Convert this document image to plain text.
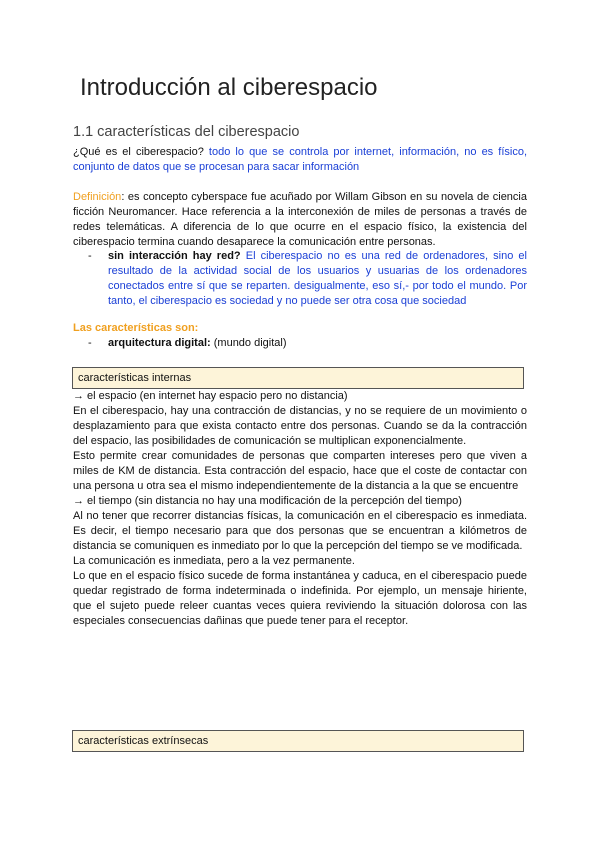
Introducción al ciberespacio
1.1 características del ciberespacio
¿Qué es el ciberespacio? todo lo que se controla por internet, información, no es físico, conjunto de datos que se procesan para sacar información
Definición: es concepto cyberspace fue acuñado por Willam Gibson en su novela de ciencia ficción Neuromancer. Hace referencia a la interconexión de miles de personas a través de redes telemáticas. A diferencia de lo que ocurre en el espacio físico, la existencia del ciberespacio termina cuando desaparece la comunicación entre personas.
-	sin interacción hay red? El ciberespacio no es una red de ordenadores, sino el resultado de la actividad social de los usuarios y usuarias de los ordenadores conectados entre sí que se reparten. desigualmente, eso sí,- por todo el mundo. Por tanto, el ciberespacio es sociedad y no puede ser otra cosa que sociedad
Las características son:
-	arquitectura digital: (mundo digital)
características internas

→ el espacio (en internet hay espacio pero no distancia)

En el ciberespacio, hay una contracción de distancias, y no se requiere de un movimiento o desplazamiento para que exista contacto entre dos personas. Cuando se da la contracción del espacio, las posibilidades de comunicación se multiplican exponencialmente.

Esto permite crear comunidades de personas que comparten intereses pero que viven a miles de KM de distancia. Esta contracción del espacio, hace que el coste de contactar con una persona u otra sea el mismo independientemente de la distancia a la que se encuentre

→ el tiempo (sin distancia no hay una modificación de la percepción del tiempo)

Al no tener que recorrer distancias físicas, la comunicación en el ciberespacio es inmediata. Es decir, el tiempo necesario para que dos personas que se encuentran a kilómetros de distancia se comuniquen es inmediato por lo que la percepción del tiempo se ve modificada.

La comunicación es inmediata, pero a la vez permanente.

Lo que en el espacio físico sucede de forma instantánea y caduca, en el ciberespacio puede quedar registrado de forma indeterminada o indefinida. Por ejemplo, un mensaje hiriente, que el sujeto puede releer cuantas veces quiera reviviendo la situación dolorosa con las especiales consecuencias dañinas que puede tener para el receptor.

características extrínsecas
